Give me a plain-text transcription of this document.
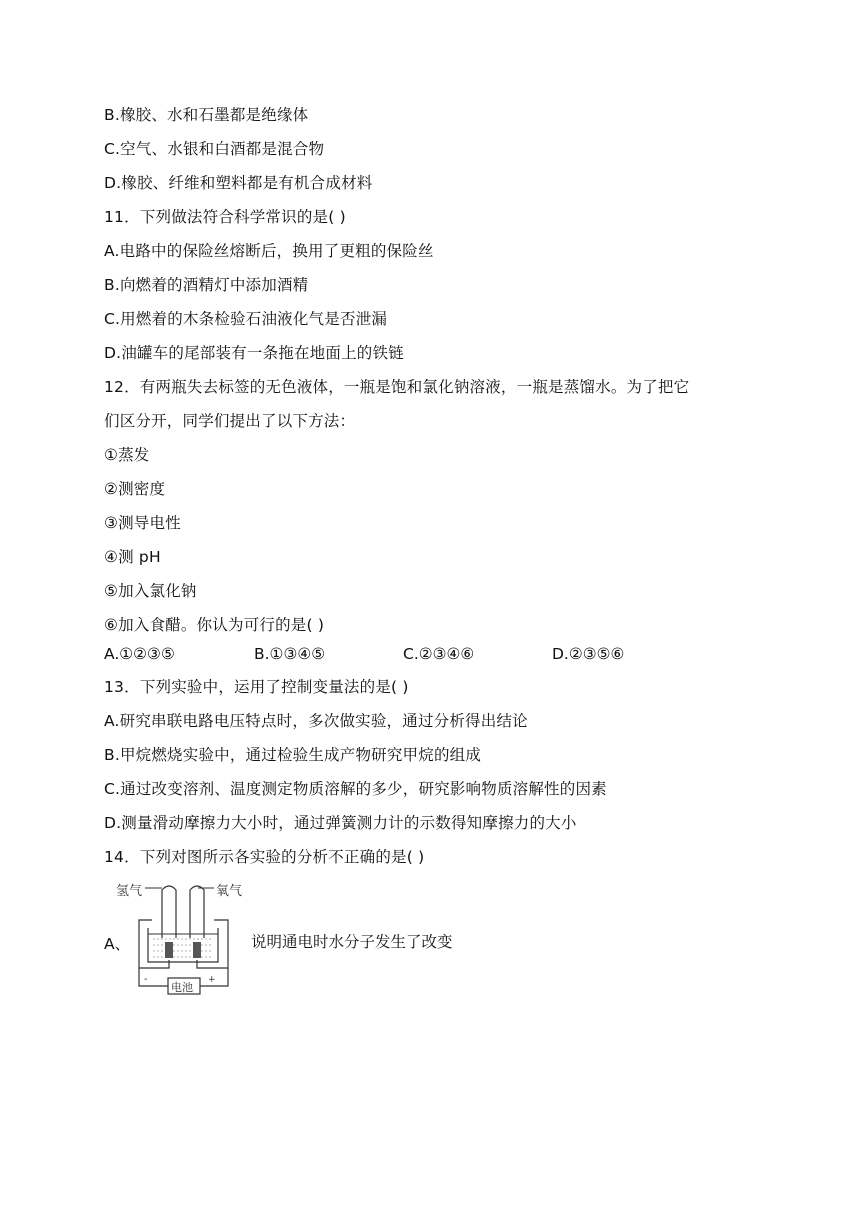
B.橡胶、水和石墨都是绝缘体
C.空气、水银和白酒都是混合物
D.橡胶、纤维和塑料都是有机合成材料
11．下列做法符合科学常识的是( )
A.电路中的保险丝熔断后，换用了更粗的保险丝
B.向燃着的酒精灯中添加酒精
C.用燃着的木条检验石油液化气是否泄漏
D.油罐车的尾部装有一条拖在地面上的铁链
12．有两瓶失去标签的无色液体，一瓶是饱和氯化钠溶液，一瓶是蒸馏水。为了把它
们区分开，同学们提出了以下方法：
①蒸发
②测密度
③测导电性
④测 pH
⑤加入氯化钠
⑥加入食醋。你认为可行的是( )
A.①②③⑤	B.①③④⑤	C.②③④⑥	D.②③⑤⑥
13．下列实验中，运用了控制变量法的是( )
A.研究串联电路电压特点时，多次做实验，通过分析得出结论
B.甲烷燃烧实验中，通过检验生成产物研究甲烷的组成
C.通过改变溶剂、温度测定物质溶解的多少，研究影响物质溶解性的因素
D.测量滑动摩擦力大小时，通过弹簧测力计的示数得知摩擦力的大小
14．下列对图所示各实验的分析不正确的是( )
A、
氢气	氧气
电池
-	+
说明通电时水分子发生了改变
